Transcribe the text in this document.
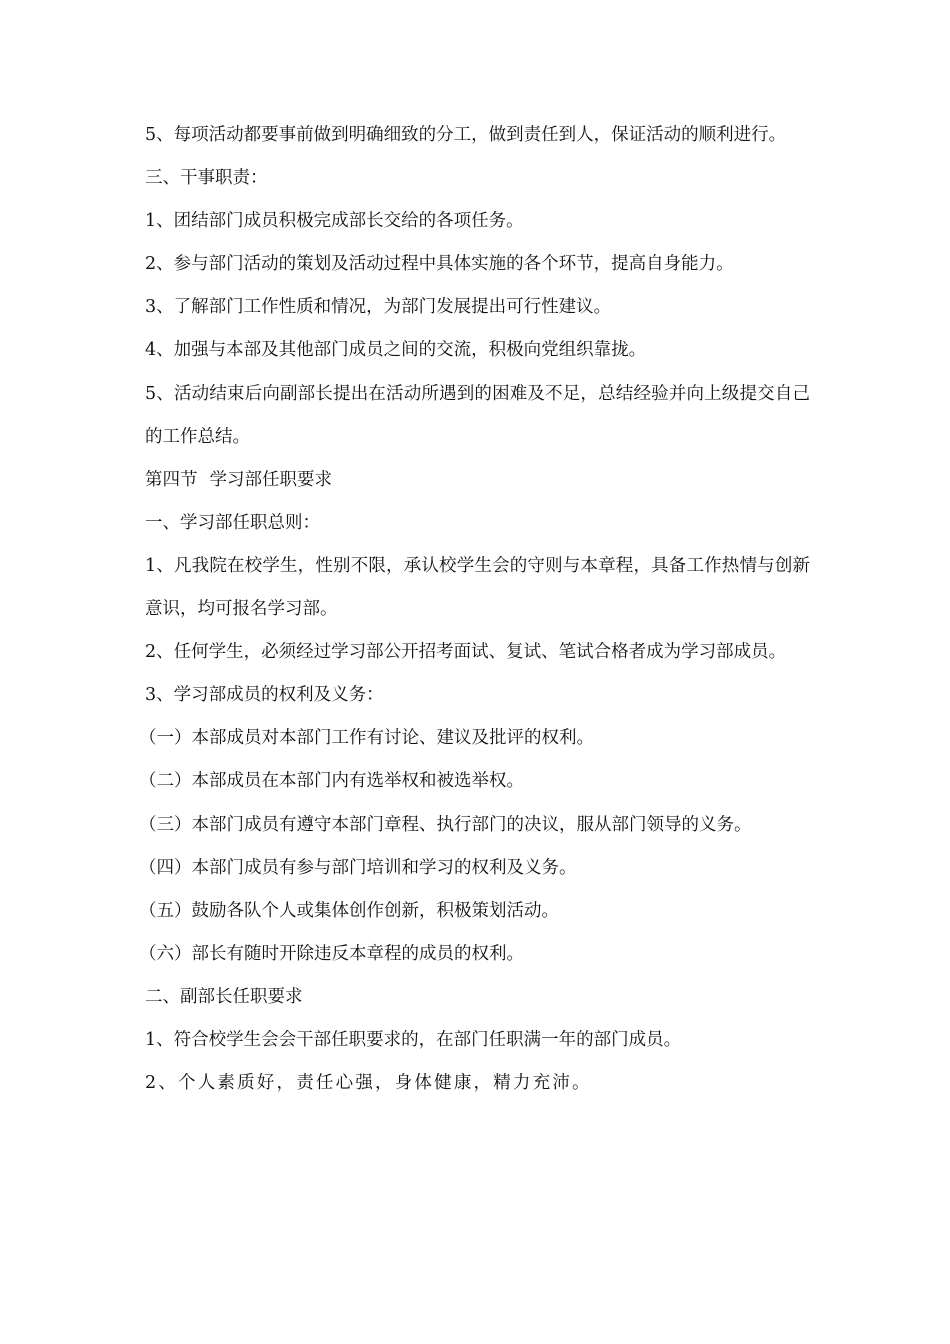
5、每项活动都要事前做到明确细致的分工，做到责任到人，保证活动的顺利进行。

三、干事职责：

1、团结部门成员积极完成部长交给的各项任务。

2、参与部门活动的策划及活动过程中具体实施的各个环节，提高自身能力。

3、了解部门工作性质和情况，为部门发展提出可行性建议。

4、加强与本部及其他部门成员之间的交流，积极向党组织靠拢。

5、活动结束后向副部长提出在活动所遇到的困难及不足，总结经验并向上级提交自己的工作总结。

第四节 学习部任职要求

一、学习部任职总则：

1、凡我院在校学生，性别不限，承认校学生会的守则与本章程，具备工作热情与创新意识，均可报名学习部。

2、任何学生，必须经过学习部公开招考面试、复试、笔试合格者成为学习部成员。

3、学习部成员的权利及义务：

（一）本部成员对本部门工作有讨论、建议及批评的权利。

（二）本部成员在本部门内有选举权和被选举权。

（三）本部门成员有遵守本部门章程、执行部门的决议，服从部门领导的义务。

（四）本部门成员有参与部门培训和学习的权利及义务。

（五）鼓励各队个人或集体创作创新，积极策划活动。

（六）部长有随时开除违反本章程的成员的权利。

二、副部长任职要求

1、符合校学生会会干部任职要求的，在部门任职满一年的部门成员。

2、个人素质好，责任心强，身体健康，精力充沛。
